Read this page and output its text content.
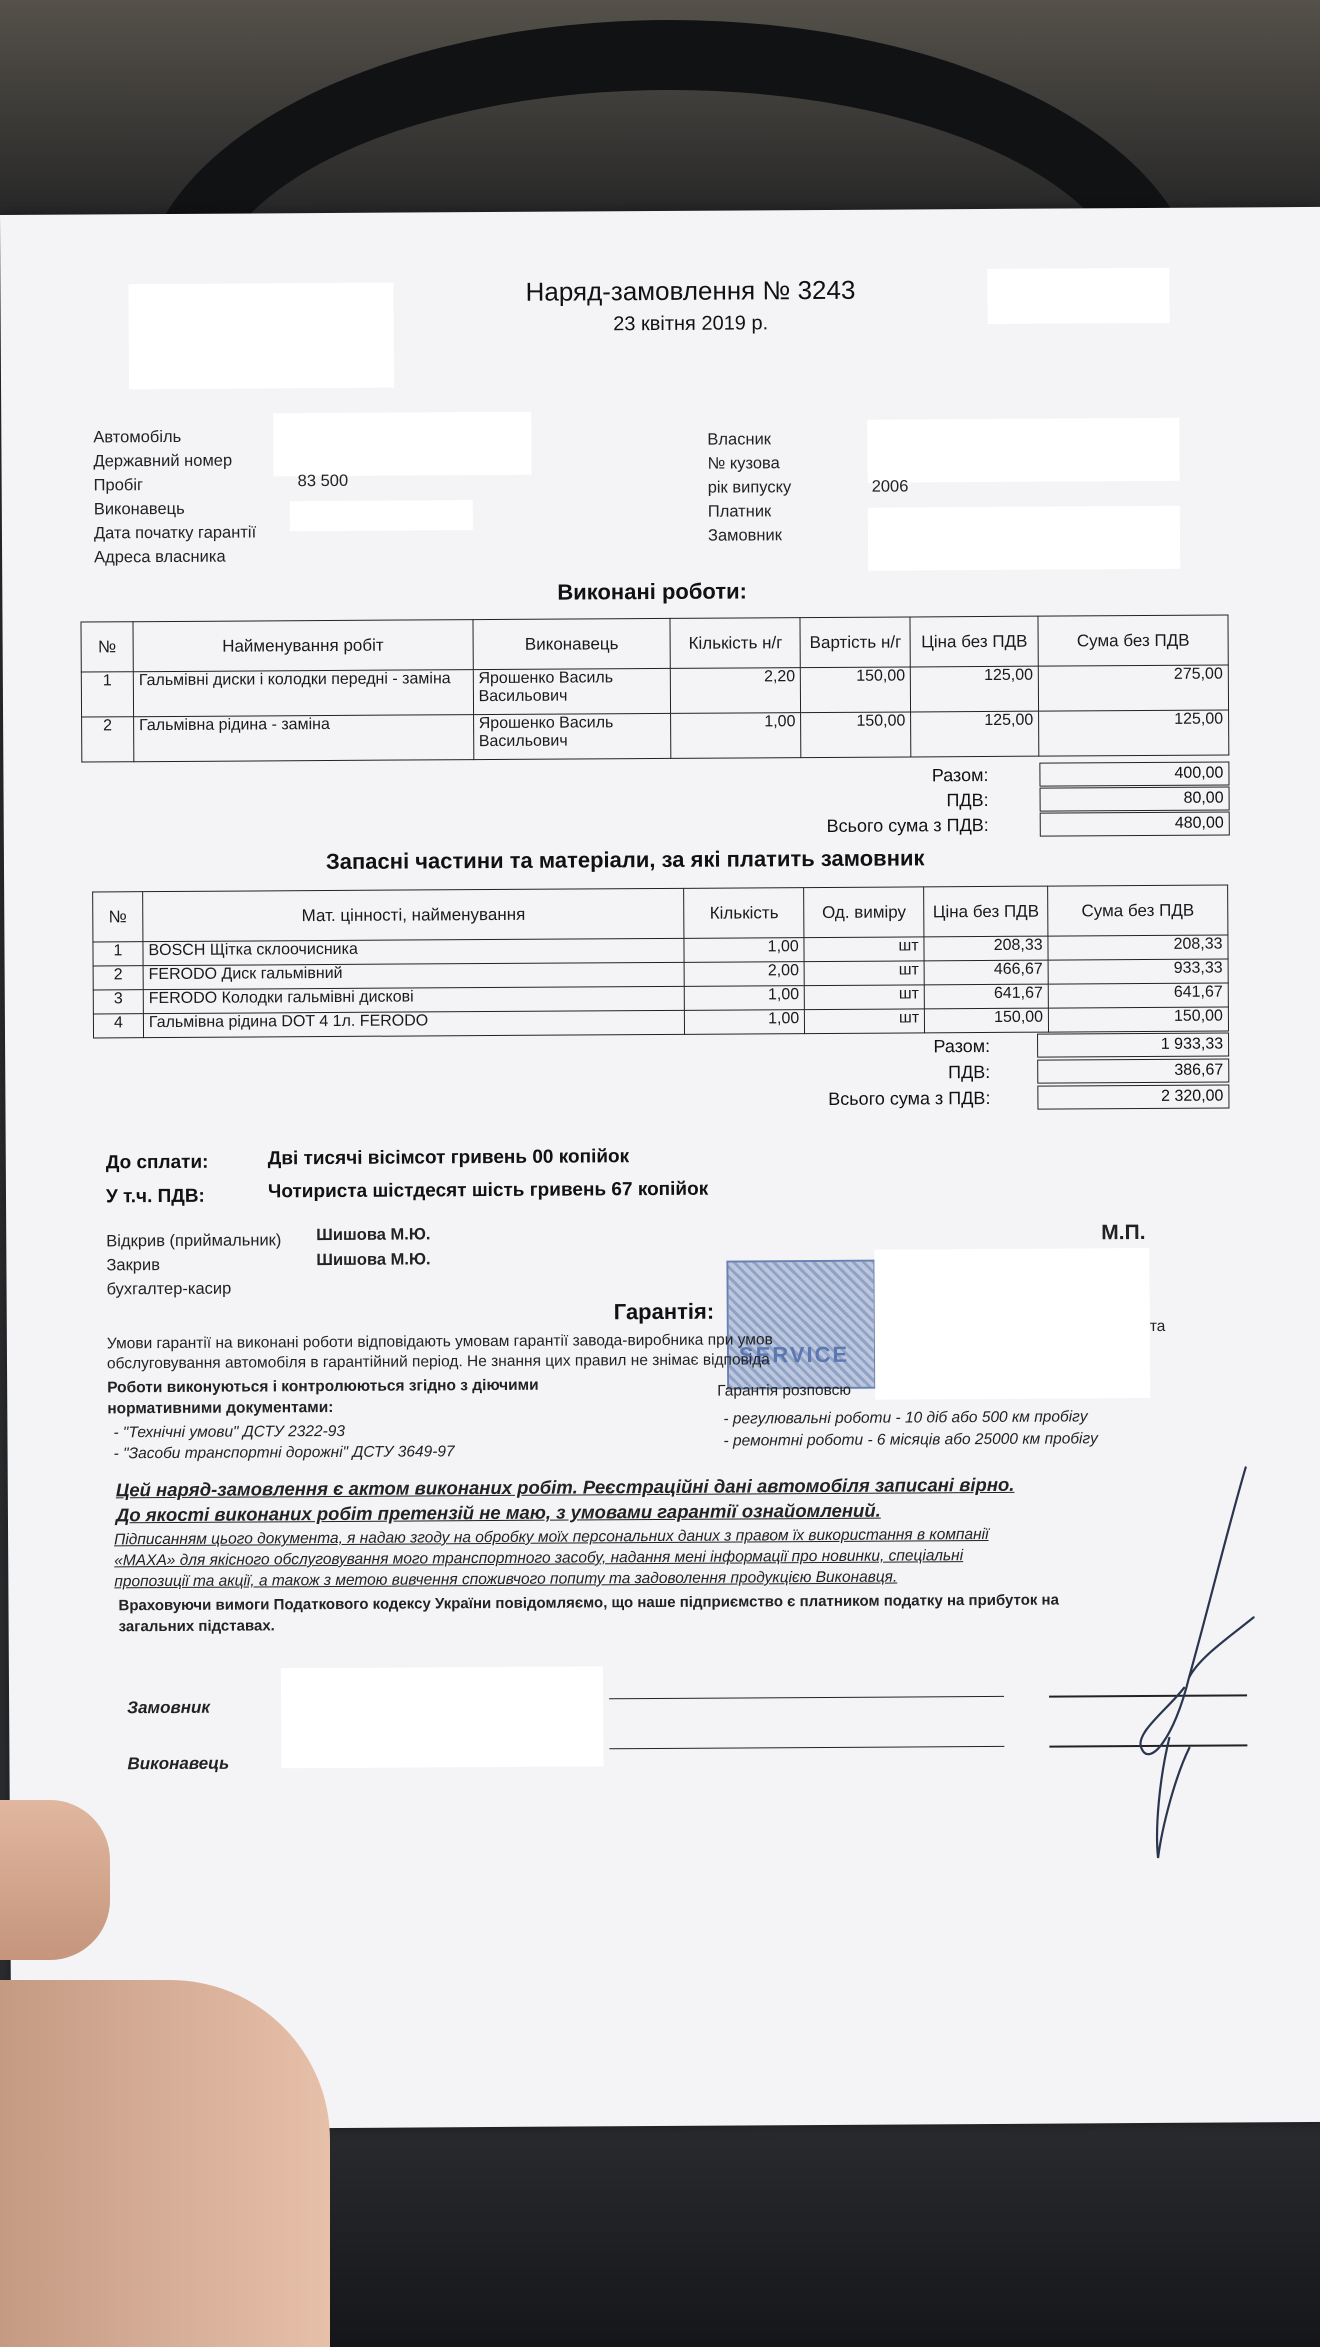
Наряд-замовлення № 3243
23 квітня 2019 р.
Автомобіль
Державний номер
Пробіг	83 500
Виконавець
Дата початку гарантії
Адреса власника
Власник
№ кузова
рік випуску	2006
Платник
Замовник
Виконані роботи:
№	Найменування робіт	Виконавець	Кількість н/г	Вартість н/г	Ціна без ПДВ	Сума без ПДВ
1	Гальмівні диски і колодки передні - заміна	Ярошенко Василь Васильович	2,20	150,00	125,00	275,00
2	Гальмівна рідина - заміна	Ярошенко Василь Васильович	1,00	150,00	125,00	125,00
Разом:	400,00
ПДВ:	80,00
Всього сума з ПДВ:	480,00
Запасні частини та матеріали, за які платить замовник
№	Мат. цінності, найменування	Кількість	Од. виміру	Ціна без ПДВ	Сума без ПДВ
1	BOSCH Щітка склоочисника	1,00	шт	208,33	208,33
2	FERODO Диск гальмівний	2,00	шт	466,67	933,33
3	FERODO Колодки гальмівні дискові	1,00	шт	641,67	641,67
4	Гальмівна рідина DOT 4 1л. FERODO	1,00	шт	150,00	150,00
Разом:	1 933,33
ПДВ:	386,67
Всього сума з ПДВ:	2 320,00
До сплати:	Дві тисячі вісімсот гривень 00 копійок
У т.ч. ПДВ:	Чотириста шістдесят шість гривень 67 копійок
Відкрив (приймальник) Шишова М.Ю.
Закрив	Шишова М.Ю.
бухгалтер-касир
М.П.
SERVICE
Гарантія:
Умови гарантії на виконані роботи відповідають умовам гарантії завода-виробника при умов
та
обслуговування автомобіля в гарантійний період. Не знання цих правил не знімає відповіда
Роботи виконуються і контролюються згідно з діючими
нормативними документами:
- "Технічні умови" ДСТУ 2322-93
- "Засоби транспортні дорожні" ДСТУ 3649-97
Гарантія розповсю
- регулювальні роботи - 10 діб або 500 км пробігу
- ремонтні роботи - 6 місяців або 25000 км пробігу
Цей наряд-замовлення є актом виконаних робіт. Реєстраційні дані автомобіля записані вірно.
До якості виконаних робіт претензій не маю, з умовами гарантії ознайомлений.
Підписанням цього документа, я надаю згоду на обробку моїх персональних даних з правом їх використання в компанії
«МАХА» для якісного обслуговування мого транспортного засобу, надання мені інформації про новинки, спеціальні
пропозиції та акції, а також з метою вивчення споживчого попиту та задоволення продукцією Виконавця.
Враховуючи вимоги Податкового кодексу України повідомляємо, що наше підприємство є платником податку на прибуток на
загальних підставах.
Замовник
Виконавець
